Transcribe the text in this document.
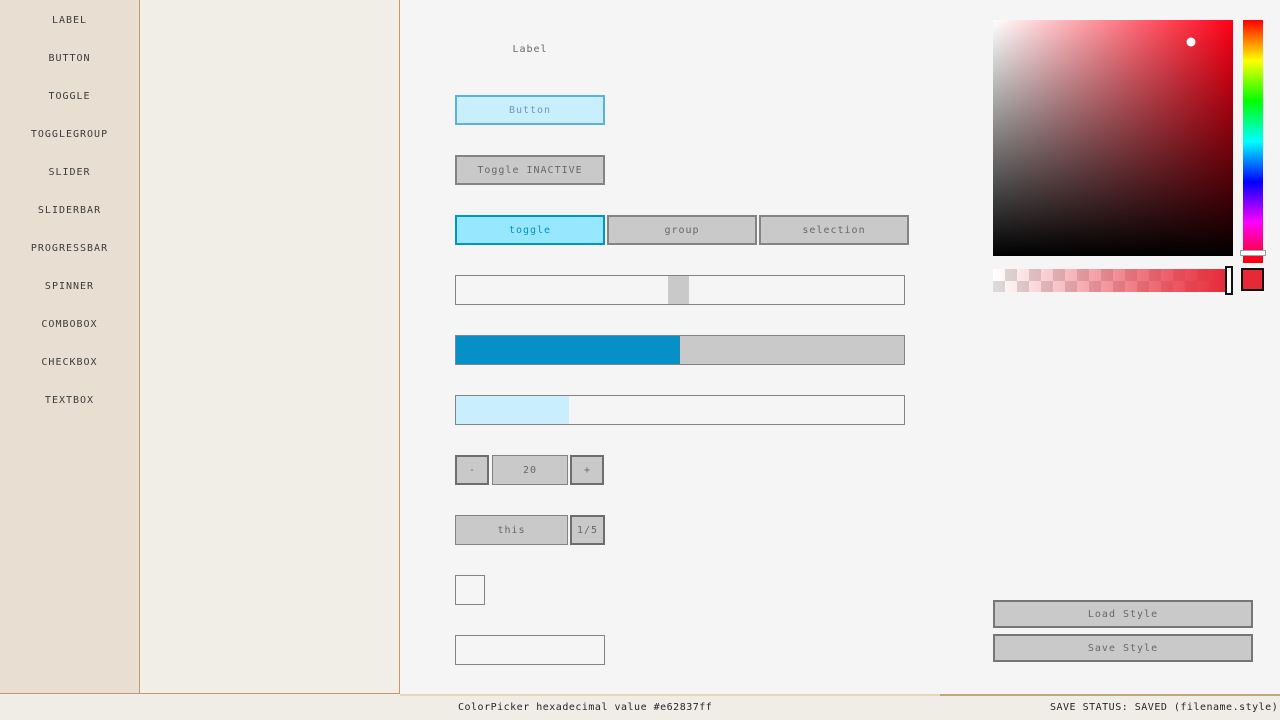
LABEL
BUTTON
TOGGLE
TOGGLEGROUP
SLIDER
SLIDERBAR
PROGRESSBAR
SPINNER
COMBOBOX
CHECKBOX
TEXTBOX
Label
Button
Toggle INACTIVE
toggle	group	selection
-	20	+
this	1/5
Load Style
Save Style
ColorPicker hexadecimal value #e62837ff	SAVE STATUS: SAVED (filename.style)
